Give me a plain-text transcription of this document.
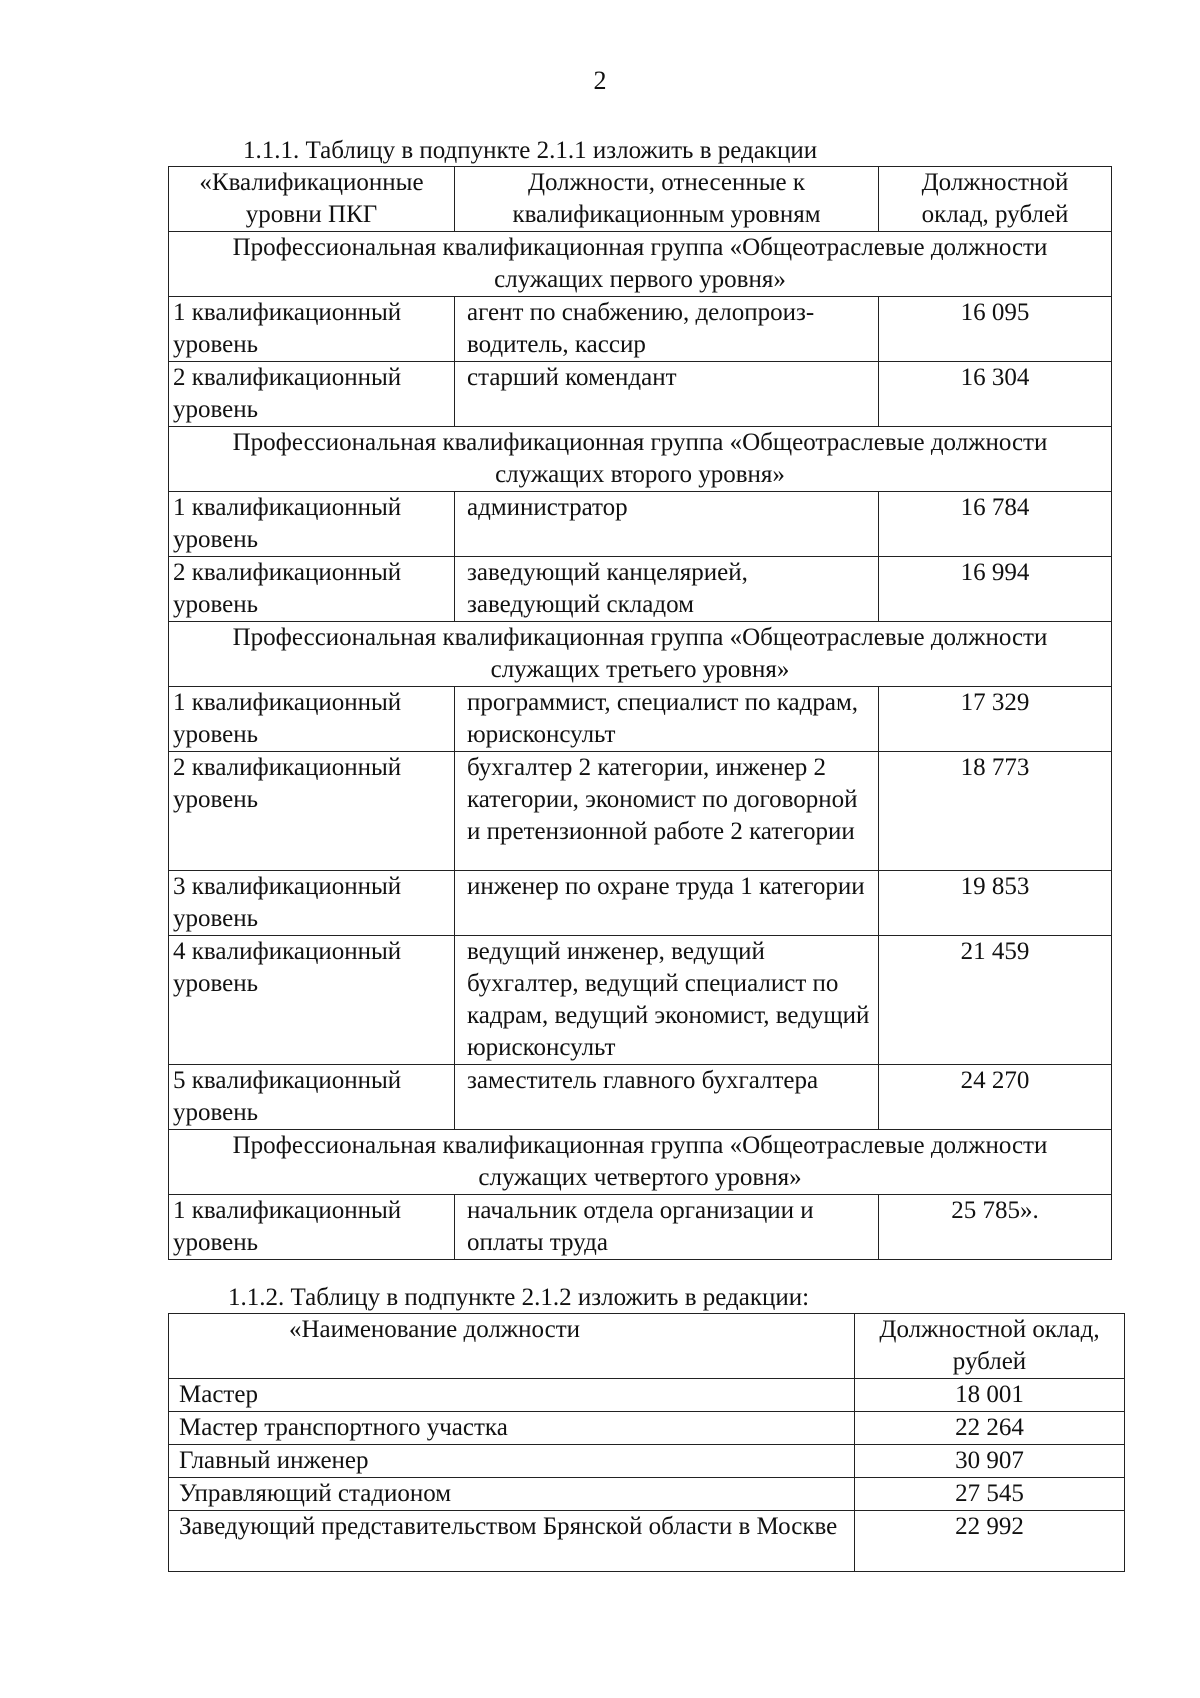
2
1.1.1. Таблицу в подпункте 2.1.1 изложить в редакции
«Квалификационные уровни ПКГ	Должности, отнесенные к квалификационным уровням	Должностной оклад, рублей
Профессиональная квалификационная группа «Общеотраслевые должности служащих первого уровня»		
1 квалификационный уровень	агент по снабжению, делопроиз-водитель, кассир	16 095
2 квалификационный уровень	старший комендант	16 304
Профессиональная квалификационная группа «Общеотраслевые должности служащих второго уровня»		
1 квалификационный уровень	администратор	16 784
2 квалификационный уровень	заведующий канцелярией, заведующий складом	16 994
Профессиональная квалификационная группа «Общеотраслевые должности служащих третьего уровня»		
1 квалификационный уровень	программист, специалист по кадрам, юрисконсульт	17 329
2 квалификационный уровень	бухгалтер 2 категории, инженер 2 категории, экономист по договорной и претензионной работе 2 категории	18 773
3 квалификационный уровень	инженер по охране труда 1 категории	19 853
4 квалификационный уровень	ведущий инженер, ведущий бухгалтер, ведущий специалист по кадрам, ведущий экономист, ведущий юрисконсульт	21 459
5 квалификационный уровень	заместитель главного бухгалтера	24 270
Профессиональная квалификационная группа «Общеотраслевые должности служащих четвертого уровня»		
1 квалификационный уровень	начальник отдела организации и оплаты труда	25 785».
1.1.2. Таблицу в подпункте 2.1.2 изложить в редакции:
«Наименование должности	Должностной оклад, рублей
Мастер	18 001
Мастер транспортного участка	22 264
Главный инженер	30 907
Управляющий стадионом	27 545
Заведующий представительством Брянской области в Москве	22 992
